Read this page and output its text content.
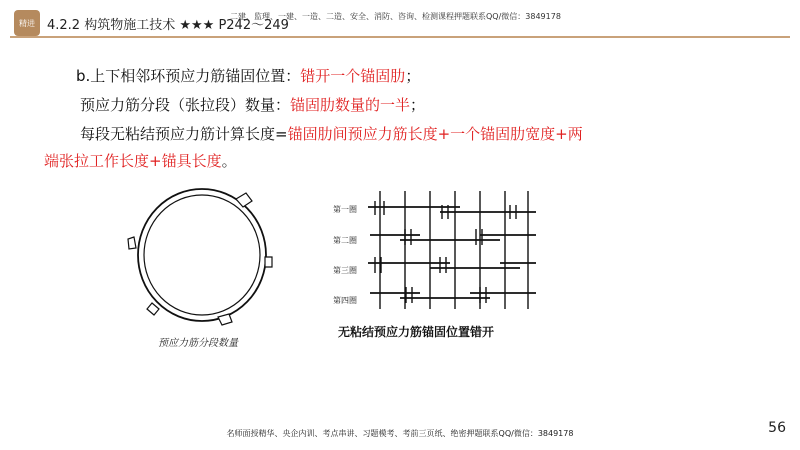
精进 4.2.2 构筑物施工技术 ★★★ P242～249
二建、监理、一建、一造、二造、安全、消防、咨询、检测课程押题联系QQ/微信：3849178
b.上下相邻环预应力筋锚固位置：错开一个锚固肋；
预应力筋分段（张拉段）数量：锚固肋数量的一半；
每段无粘结预应力筋计算长度=锚固肋间预应力筋长度+一个锚固肋宽度+两
端张拉工作长度+锚具长度。
预应力筋分段数量
第一圈
第二圈
第三圈
第四圈
无粘结预应力筋锚固位置错开
名师面授精华、央企内训、考点串讲、习题模考、考前三页纸、绝密押题联系QQ/微信：3849178	56
